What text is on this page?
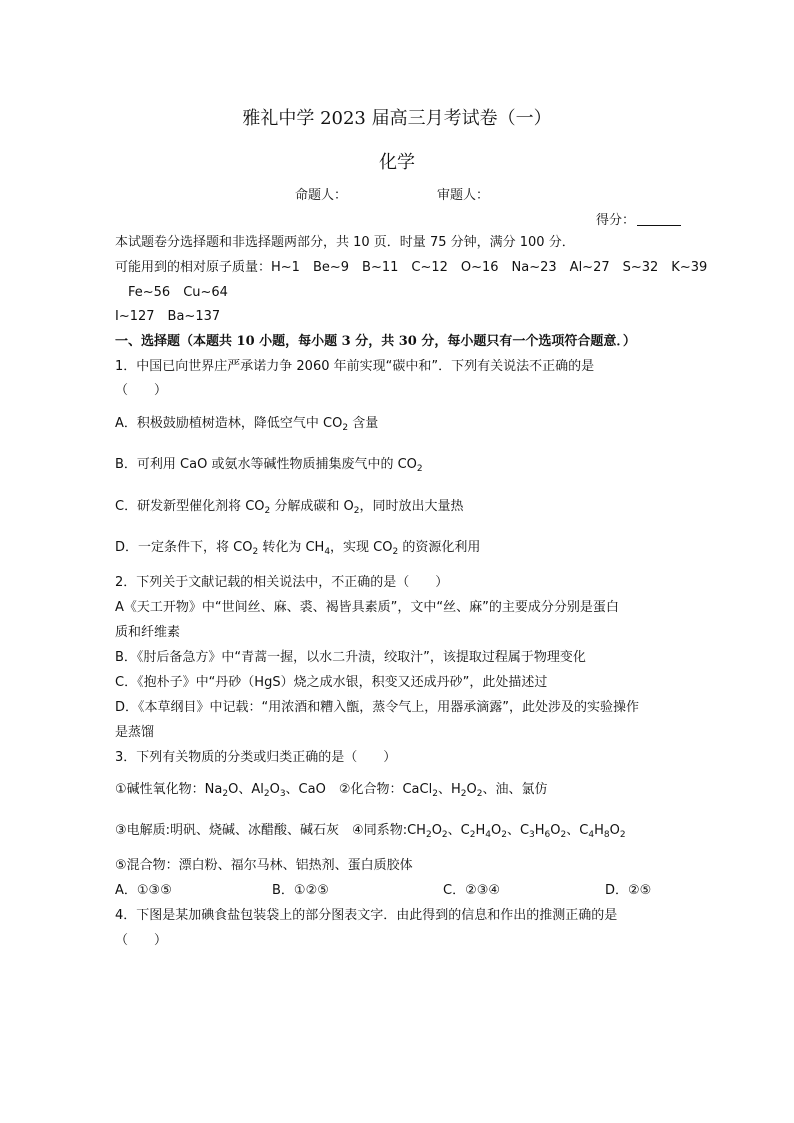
雅礼中学 2023 届高三月考试卷（一）
化学
命题人：	审题人：
得分：
本试题卷分选择题和非选择题两部分，共 10 页．时量 75 分钟，满分 100 分．
可能用到的相对原子质量：H~1　Be~9　B~11　C~12　O~16　Na~23　Al~27　S~32　K~39
Fe~56　Cu~64
I~127　Ba~137
一、选择题（本题共 10 小题，每小题 3 分，共 30 分，每小题只有一个选项符合题意．）
1．中国已向世界庄严承诺力争 2060 年前实现“碳中和”．下列有关说法不正确的是
（　　）
A．积极鼓励植树造林，降低空气中 $CO_2$ 含量
B．可利用 CaO 或氨水等碱性物质捕集废气中的 $CO_2$
C．研发新型催化剂将 $CO_2$ 分解成碳和 $O_2$，同时放出大量热
D．一定条件下，将 $CO_2$ 转化为 $CH_4$，实现 $CO_2$ 的资源化利用
2．下列关于文献记载的相关说法中，不正确的是（　　）
A《天工开物》中“世间丝、麻、裘、褐皆具素质”，文中“丝、麻”的主要成分分别是蛋白
质和纤维素
B．《肘后备急方》中“青蒿一握，以水二升渍，绞取汁”，该提取过程属于物理变化
C．《抱朴子》中“丹砂（HgS）烧之成水银，积变又还成丹砂”，此处描述过
D．《本草纲目》中记载：“用浓酒和糟入甑，蒸令气上，用器承滴露”，此处涉及的实验操作
是蒸馏
3．下列有关物质的分类或归类正确的是（　　）
①碱性氧化物：$Na_2O$、$Al_2O_3$、CaO　②化合物：CaCl$_2$、$H_2O_2$、油、氯仿
③电解质:明矾、烧碱、冰醋酸、碱石灰　④同系物$:CH_2O_2$、$C_2H_4O_2$、$C_3H_6O_2$、$C_4H_8O_2$
⑤混合物：漂白粉、福尔马林、铝热剂、蛋白质胶体
A．①③⑤	B．①②⑤	C．②③④	D．②⑤
4．下图是某加碘食盐包装袋上的部分图表文字．由此得到的信息和作出的推测正确的是
（　　）
